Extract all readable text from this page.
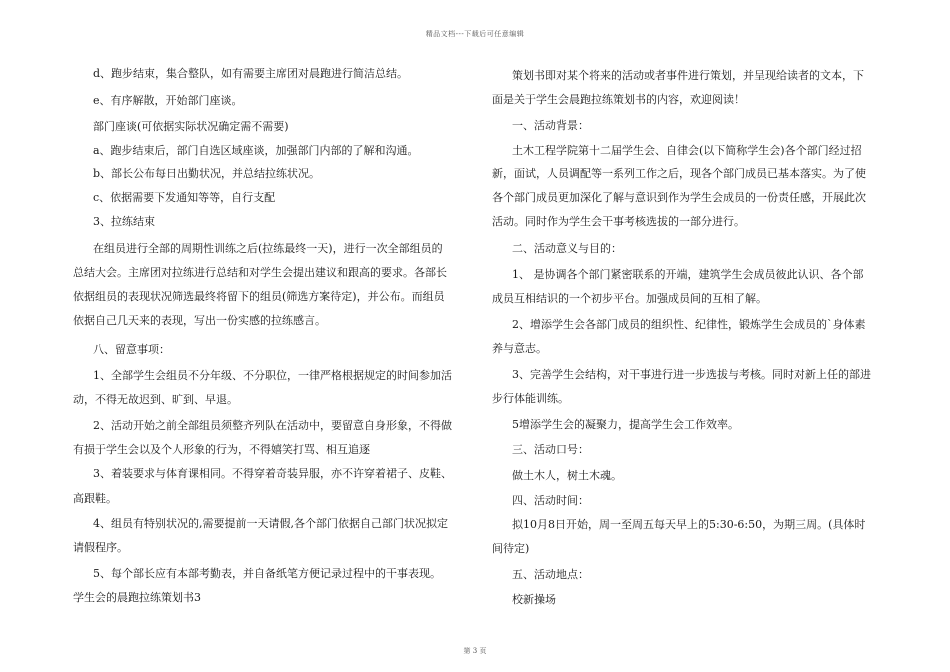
精品文档---下载后可任意编辑
d、跑步结束，集合整队，如有需要主席团对晨跑进行简洁总结。
e、有序解散，开始部门座谈。
部门座谈(可依据实际状况确定需不需要)
a、跑步结束后，部门自选区域座谈，加强部门内部的了解和沟通。
b、部长公布每日出勤状况，并总结拉练状况。
c、依据需要下发通知等等，自行支配
3、拉练结束
在组员进行全部的周期性训练之后(拉练最终一天)，进行一次全部组员的
总结大会。主席团对拉练进行总结和对学生会提出建议和跟高的要求。各部长
依据组员的表现状况筛选最终将留下的组员(筛选方案待定)，并公布。而组员
依据自己几天来的表现，写出一份实感的拉练感言。
八、留意事项：
1、全部学生会组员不分年级、不分职位，一律严格根据规定的时间参加活
动，不得无故迟到、旷到、早退。
2、活动开始之前全部组员须整齐列队在活动中，要留意自身形象，不得做
有损于学生会以及个人形象的行为，不得嬉笑打骂、相互追逐
3、着装要求与体育课相同。不得穿着奇装异服，亦不许穿着裙子、皮鞋、
高跟鞋。
4、组员有特别状况的,需要提前一天请假,各个部门依据自己部门状况拟定
请假程序。
5、每个部长应有本部考勤表，并自备纸笔方便记录过程中的干事表现。
学生会的晨跑拉练策划书3
策划书即对某个将来的活动或者事件进行策划，并呈现给读者的文本，下
面是关于学生会晨跑拉练策划书的内容，欢迎阅读！
一、活动背景：
土木工程学院第十二届学生会、自律会(以下简称学生会)各个部门经过招
新，面试，人员调配等一系列工作之后，现各个部门成员已基本落实。为了使
各个部门成员更加深化了解与意识到作为学生会成员的一份责任感，开展此次
活动。同时作为学生会干事考核选拔的一部分进行。
二、活动意义与目的：
1、 是协调各个部门紧密联系的开端，建筑学生会成员彼此认识、各个部
成员互相结识的一个初步平台。加强成员间的互相了解。
2、增添学生会各部门成员的组织性、纪律性，锻炼学生会成员的`身体素
养与意志。
3、完善学生会结构，对干事进行进一步选拔与考核。同时对新上任的部进
步行体能训练。
5增添学生会的凝聚力，提高学生会工作效率。
三、活动口号：
做土木人，树土木魂。
四、活动时间：
拟10月8日开始，周一至周五每天早上的5:30-6:50，为期三周。(具体时
间待定)
五、活动地点：
校新操场
第 3 页
